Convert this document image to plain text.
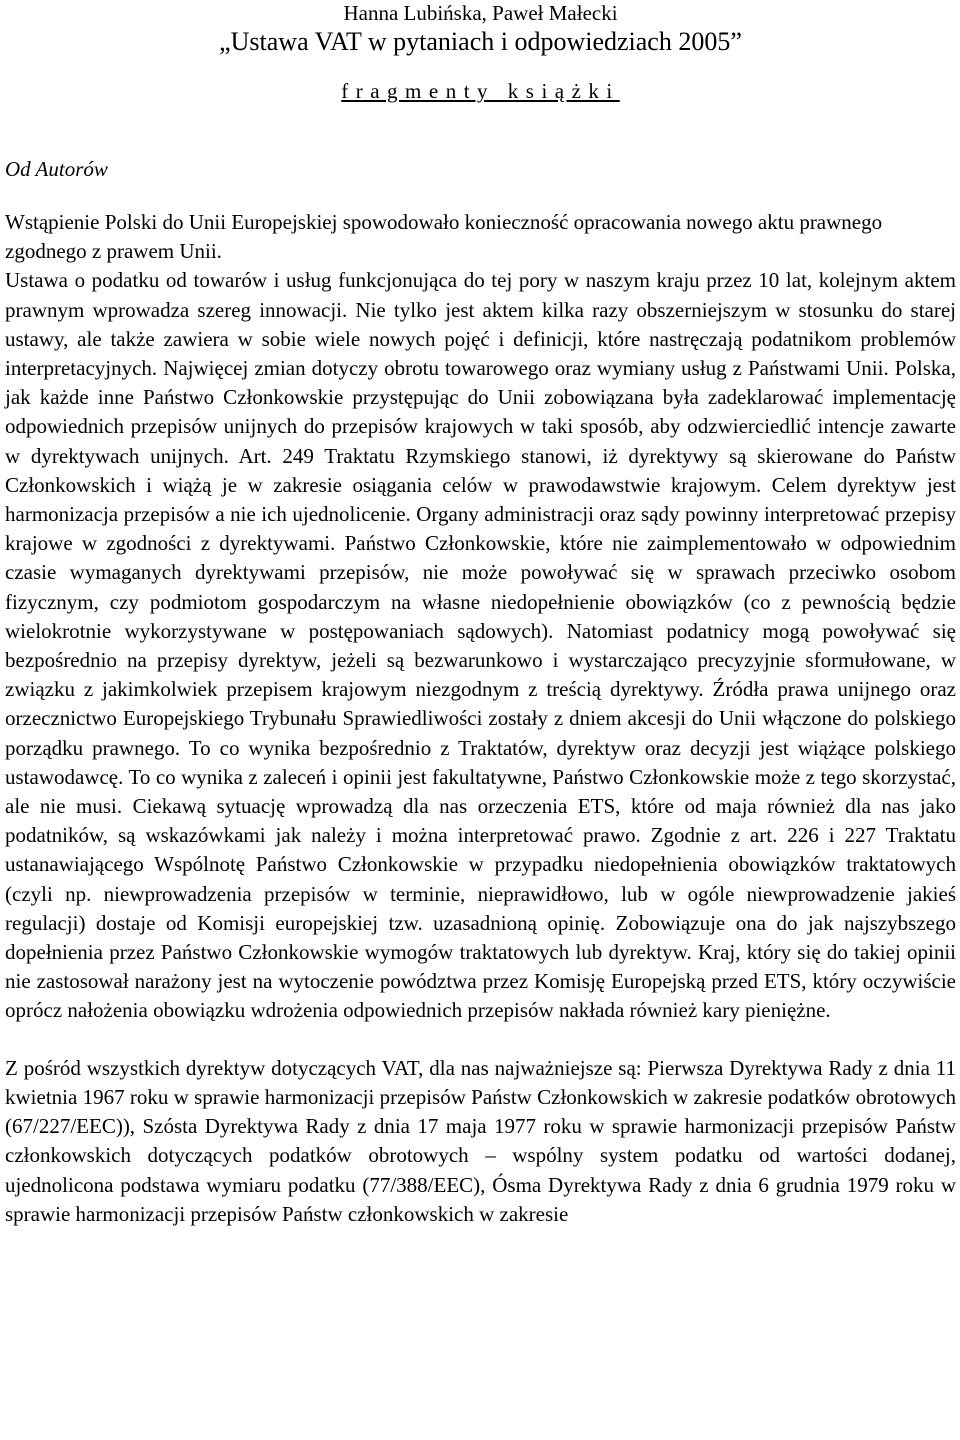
Hanna Lubińska, Paweł Małecki
„Ustawa VAT w pytaniach i odpowiedziach 2005”
fragmenty książki
Od Autorów

Wstąpienie Polski do Unii Europejskiej spowodowało konieczność opracowania nowego aktu prawnego zgodnego z prawem Unii.

Ustawa o podatku od towarów i usług funkcjonująca do tej pory w naszym kraju przez 10 lat, kolejnym aktem prawnym wprowadza szereg innowacji. Nie tylko jest aktem kilka razy obszerniejszym w stosunku do starej ustawy, ale także zawiera w sobie wiele nowych pojęć i definicji, które nastręczają podatnikom problemów interpretacyjnych. Najwięcej zmian dotyczy obrotu towarowego oraz wymiany usług z Państwami Unii. Polska, jak każde inne Państwo Członkowskie przystępując do Unii zobowiązana była zadeklarować implementację odpowiednich przepisów unijnych do przepisów krajowych w taki sposób, aby odzwierciedlić intencje zawarte w dyrektywach unijnych. Art. 249 Traktatu Rzymskiego stanowi, iż dyrektywy są skierowane do Państw Członkowskich i wiążą je w zakresie osiągania celów w prawodawstwie krajowym. Celem dyrektyw jest harmonizacja przepisów a nie ich ujednolicenie. Organy administracji oraz sądy powinny interpretować przepisy krajowe w zgodności z dyrektywami. Państwo Członkowskie, które nie zaimplementowało w odpowiednim czasie wymaganych dyrektywami przepisów, nie może powoływać się w sprawach przeciwko osobom fizycznym, czy podmiotom gospodarczym na własne niedopełnienie obowiązków (co z pewnością będzie wielokrotnie wykorzystywane w postępowaniach sądowych). Natomiast podatnicy mogą powoływać się bezpośrednio na przepisy dyrektyw, jeżeli są bezwarunkowo i wystarczająco precyzyjnie sformułowane, w związku z jakimkolwiek przepisem krajowym niezgodnym z treścią dyrektywy. Źródła prawa unijnego oraz orzecznictwo Europejskiego Trybunału Sprawiedliwości zostały z dniem akcesji do Unii włączone do polskiego porządku prawnego. To co wynika bezpośrednio z Traktatów, dyrektyw oraz decyzji jest wiążące polskiego ustawodawcę. To co wynika z zaleceń i opinii jest fakultatywne, Państwo Członkowskie może z tego skorzystać, ale nie musi. Ciekawą sytuację wprowadzą dla nas orzeczenia ETS, które od maja również dla nas jako podatników, są wskazówkami jak należy i można interpretować prawo. Zgodnie z art. 226 i 227 Traktatu ustanawiającego Wspólnotę Państwo Członkowskie w przypadku niedopełnienia obowiązków traktatowych (czyli np. niewprowadzenia przepisów w terminie, nieprawidłowo, lub w ogóle niewprowadzenie jakieś regulacji) dostaje od Komisji europejskiej tzw. uzasadnioną opinię. Zobowiązuje ona do jak najszybszego dopełnienia przez Państwo Członkowskie wymogów traktatowych lub dyrektyw. Kraj, który się do takiej opinii nie zastosował narażony jest na wytoczenie powództwa przez Komisję Europejską przed ETS, który oczywiście oprócz nałożenia obowiązku wdrożenia odpowiednich przepisów nakłada również kary pieniężne.

Z pośród wszystkich dyrektyw dotyczących VAT, dla nas najważniejsze są: Pierwsza Dyrektywa Rady z dnia 11 kwietnia 1967 roku w sprawie harmonizacji przepisów Państw Członkowskich w zakresie podatków obrotowych (67/227/EEC)), Szósta Dyrektywa Rady z dnia 17 maja 1977 roku w sprawie harmonizacji przepisów Państw członkowskich dotyczących podatków obrotowych – wspólny system podatku od wartości dodanej, ujednolicona podstawa wymiaru podatku (77/388/EEC), Ósma Dyrektywa Rady z dnia 6 grudnia 1979 roku w sprawie harmonizacji przepisów Państw członkowskich w zakresie
